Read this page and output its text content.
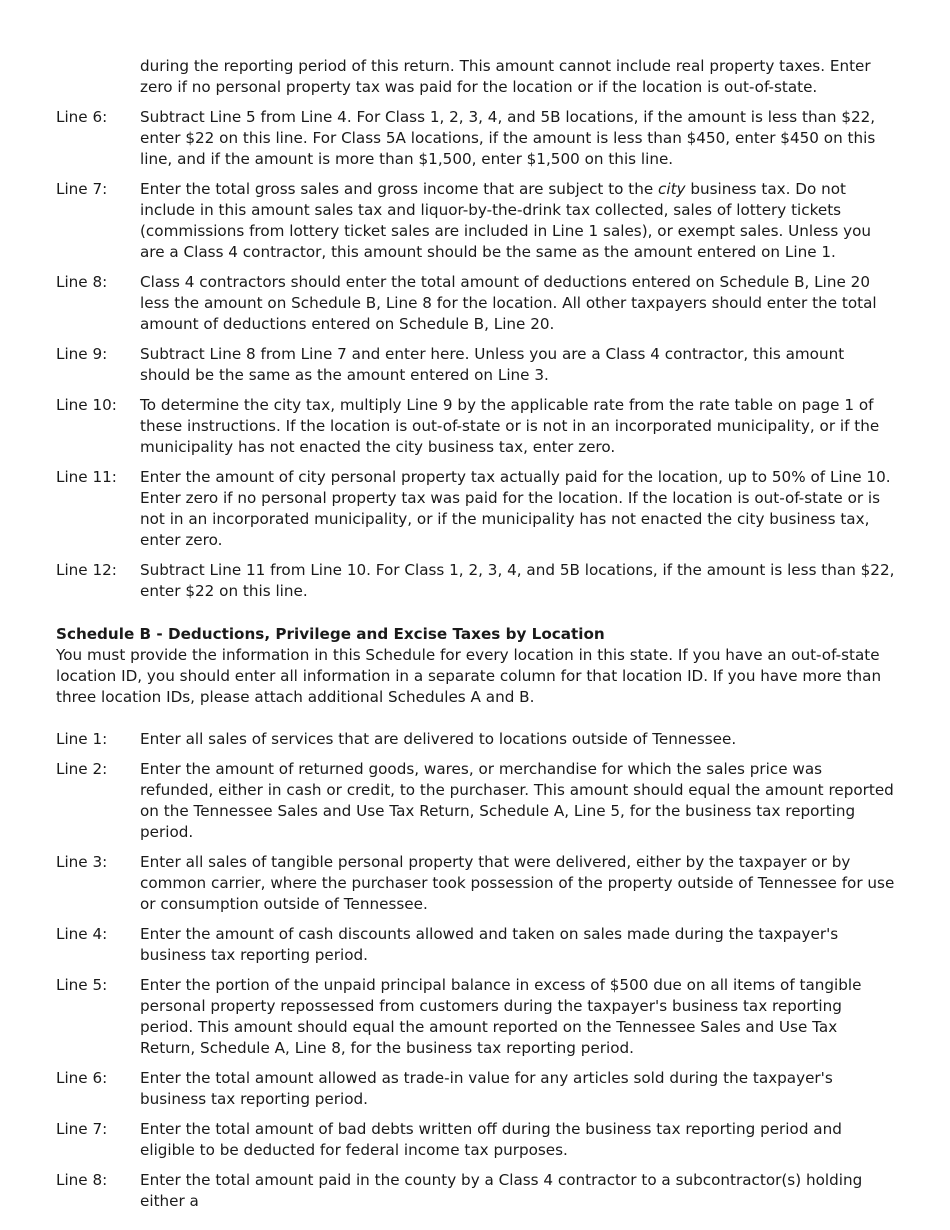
during the reporting period of this return. This amount cannot include real property taxes. Enter zero if no personal property tax was paid for the location or if the location is out-of-state.
Line 6:	Subtract Line 5 from Line 4. For Class 1, 2, 3, 4, and 5B locations, if the amount is less than $22, enter $22 on this line. For Class 5A locations, if the amount is less than $450, enter $450 on this line, and if the amount is more than $1,500, enter $1,500 on this line.
Line 7:	Enter the total gross sales and gross income that are subject to the city business tax. Do not include in this amount sales tax and liquor-by-the-drink tax collected, sales of lottery tickets (commissions from lottery ticket sales are included in Line 1 sales), or exempt sales. Unless you are a Class 4 contractor, this amount should be the same as the amount entered on Line 1.
Line 8:	Class 4 contractors should enter the total amount of deductions entered on Schedule B, Line 20 less the amount on Schedule B, Line 8 for the location. All other taxpayers should enter the total amount of deductions entered on Schedule B, Line 20.
Line 9:	Subtract Line 8 from Line 7 and enter here. Unless you are a Class 4 contractor, this amount should be the same as the amount entered on Line 3.
Line 10:	To determine the city tax, multiply Line 9 by the applicable rate from the rate table on page 1 of these instructions. If the location is out-of-state or is not in an incorporated municipality, or if the municipality has not enacted the city business tax, enter zero.
Line 11:	Enter the amount of city personal property tax actually paid for the location, up to 50% of Line 10. Enter zero if no personal property tax was paid for the location. If the location is out-of-state or is not in an incorporated municipality, or if the municipality has not enacted the city business tax, enter zero.
Line 12:	Subtract Line 11 from Line 10. For Class 1, 2, 3, 4, and 5B locations, if the amount is less than $22, enter $22 on this line.
Schedule B - Deductions, Privilege and Excise Taxes by Location
You must provide the information in this Schedule for every location in this state. If you have an out-of-state location ID, you should enter all information in a separate column for that location ID. If you have more than three location IDs, please attach additional Schedules A and B.
Line 1:	Enter all sales of services that are delivered to locations outside of Tennessee.
Line 2:	Enter the amount of returned goods, wares, or merchandise for which the sales price was refunded, either in cash or credit, to the purchaser. This amount should equal the amount reported on the Tennessee Sales and Use Tax Return, Schedule A, Line 5, for the business tax reporting period.
Line 3:	Enter all sales of tangible personal property that were delivered, either by the taxpayer or by common carrier, where the purchaser took possession of the property outside of Tennessee for use or consumption outside of Tennessee.
Line 4:	Enter the amount of cash discounts allowed and taken on sales made during the taxpayer's business tax reporting period.
Line 5:	Enter the portion of the unpaid principal balance in excess of $500 due on all items of tangible personal property repossessed from customers during the taxpayer's business tax reporting period. This amount should equal the amount reported on the Tennessee Sales and Use Tax Return, Schedule A, Line 8, for the business tax reporting period.
Line 6:	Enter the total amount allowed as trade-in value for any articles sold during the taxpayer's business tax reporting period.
Line 7:	Enter the total amount of bad debts written off during the business tax reporting period and eligible to be deducted for federal income tax purposes.
Line 8:	Enter the total amount paid in the county by a Class 4 contractor to a subcontractor(s) holding either a
